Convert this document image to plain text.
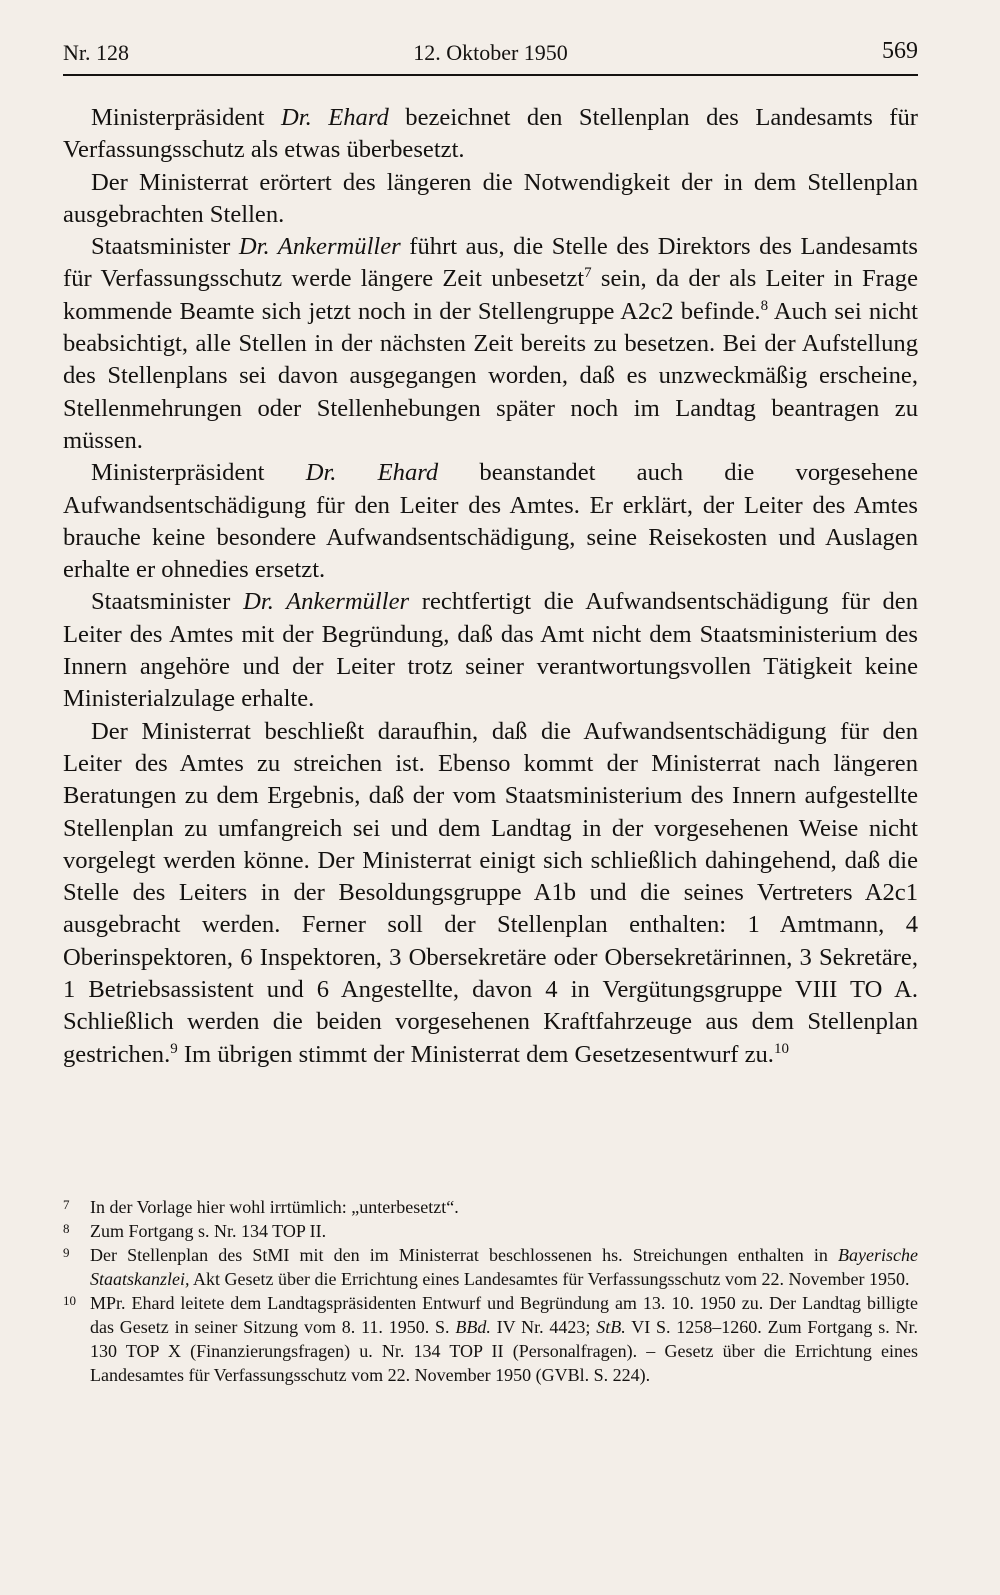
Nr. 128	12. Oktober 1950	569

Ministerpräsident Dr. Ehard bezeichnet den Stellenplan des Landesamts für Verfassungsschutz als etwas überbesetzt.

Der Ministerrat erörtert des längeren die Notwendigkeit der in dem Stellenplan ausgebrachten Stellen.

Staatsminister Dr. Ankermüller führt aus, die Stelle des Direktors des Landesamts für Verfassungsschutz werde längere Zeit unbesetzt$^7$ sein, da der als Leiter in Frage kommende Beamte sich jetzt noch in der Stellengruppe A2c2 befinde.$^8$ Auch sei nicht beabsichtigt, alle Stellen in der nächsten Zeit bereits zu besetzen. Bei der Aufstellung des Stellenplans sei davon ausgegangen worden, daß es unzweckmäßig erscheine, Stellenmehrungen oder Stellenhebungen später noch im Landtag beantragen zu müssen.

Ministerpräsident Dr. Ehard beanstandet auch die vorgesehene Aufwandsentschädigung für den Leiter des Amtes. Er erklärt, der Leiter des Amtes brauche keine besondere Aufwandsentschädigung, seine Reisekosten und Auslagen erhalte er ohnedies ersetzt.

Staatsminister Dr. Ankermüller rechtfertigt die Aufwandsentschädigung für den Leiter des Amtes mit der Begründung, daß das Amt nicht dem Staatsministerium des Innern angehöre und der Leiter trotz seiner verantwortungsvollen Tätigkeit keine Ministerialzulage erhalte.

Der Ministerrat beschließt daraufhin, daß die Aufwandsentschädigung für den Leiter des Amtes zu streichen ist. Ebenso kommt der Ministerrat nach längeren Beratungen zu dem Ergebnis, daß der vom Staatsministerium des Innern aufgestellte Stellenplan zu umfangreich sei und dem Landtag in der vorgesehenen Weise nicht vorgelegt werden könne. Der Ministerrat einigt sich schließlich dahingehend, daß die Stelle des Leiters in der Besoldungsgruppe A1b und die seines Vertreters A2c1 ausgebracht werden. Ferner soll der Stellenplan enthalten: 1 Amtmann, 4 Oberinspektoren, 6 Inspektoren, 3 Obersekretäre oder Obersekretärinnen, 3 Sekretäre, 1 Betriebsassistent und 6 Angestellte, davon 4 in Vergütungsgruppe VIII TO A. Schließlich werden die beiden vorgesehenen Kraftfahrzeuge aus dem Stellenplan gestrichen.$^9$ Im übrigen stimmt der Ministerrat dem Gesetzesentwurf zu.$^{10}$

7	In der Vorlage hier wohl irrtümlich: „unterbesetzt“.
8	Zum Fortgang s. Nr. 134 TOP II.
9	Der Stellenplan des StMI mit den im Ministerrat beschlossenen hs. Streichungen enthalten in Bayerische Staatskanzlei, Akt Gesetz über die Errichtung eines Landesamtes für Verfassungsschutz vom 22. November 1950.
10 MPr. Ehard leitete dem Landtagspräsidenten Entwurf und Begründung am 13. 10. 1950 zu. Der Landtag billigte das Gesetz in seiner Sitzung vom 8. 11. 1950. S. BBd. IV Nr. 4423; StB. VI S. 1258–1260. Zum Fortgang s. Nr. 130 TOP X (Finanzierungsfragen) u. Nr. 134 TOP II (Personalfragen). – Gesetz über die Errichtung eines Landesamtes für Verfassungsschutz vom 22. November 1950 (GVBl. S. 224).
